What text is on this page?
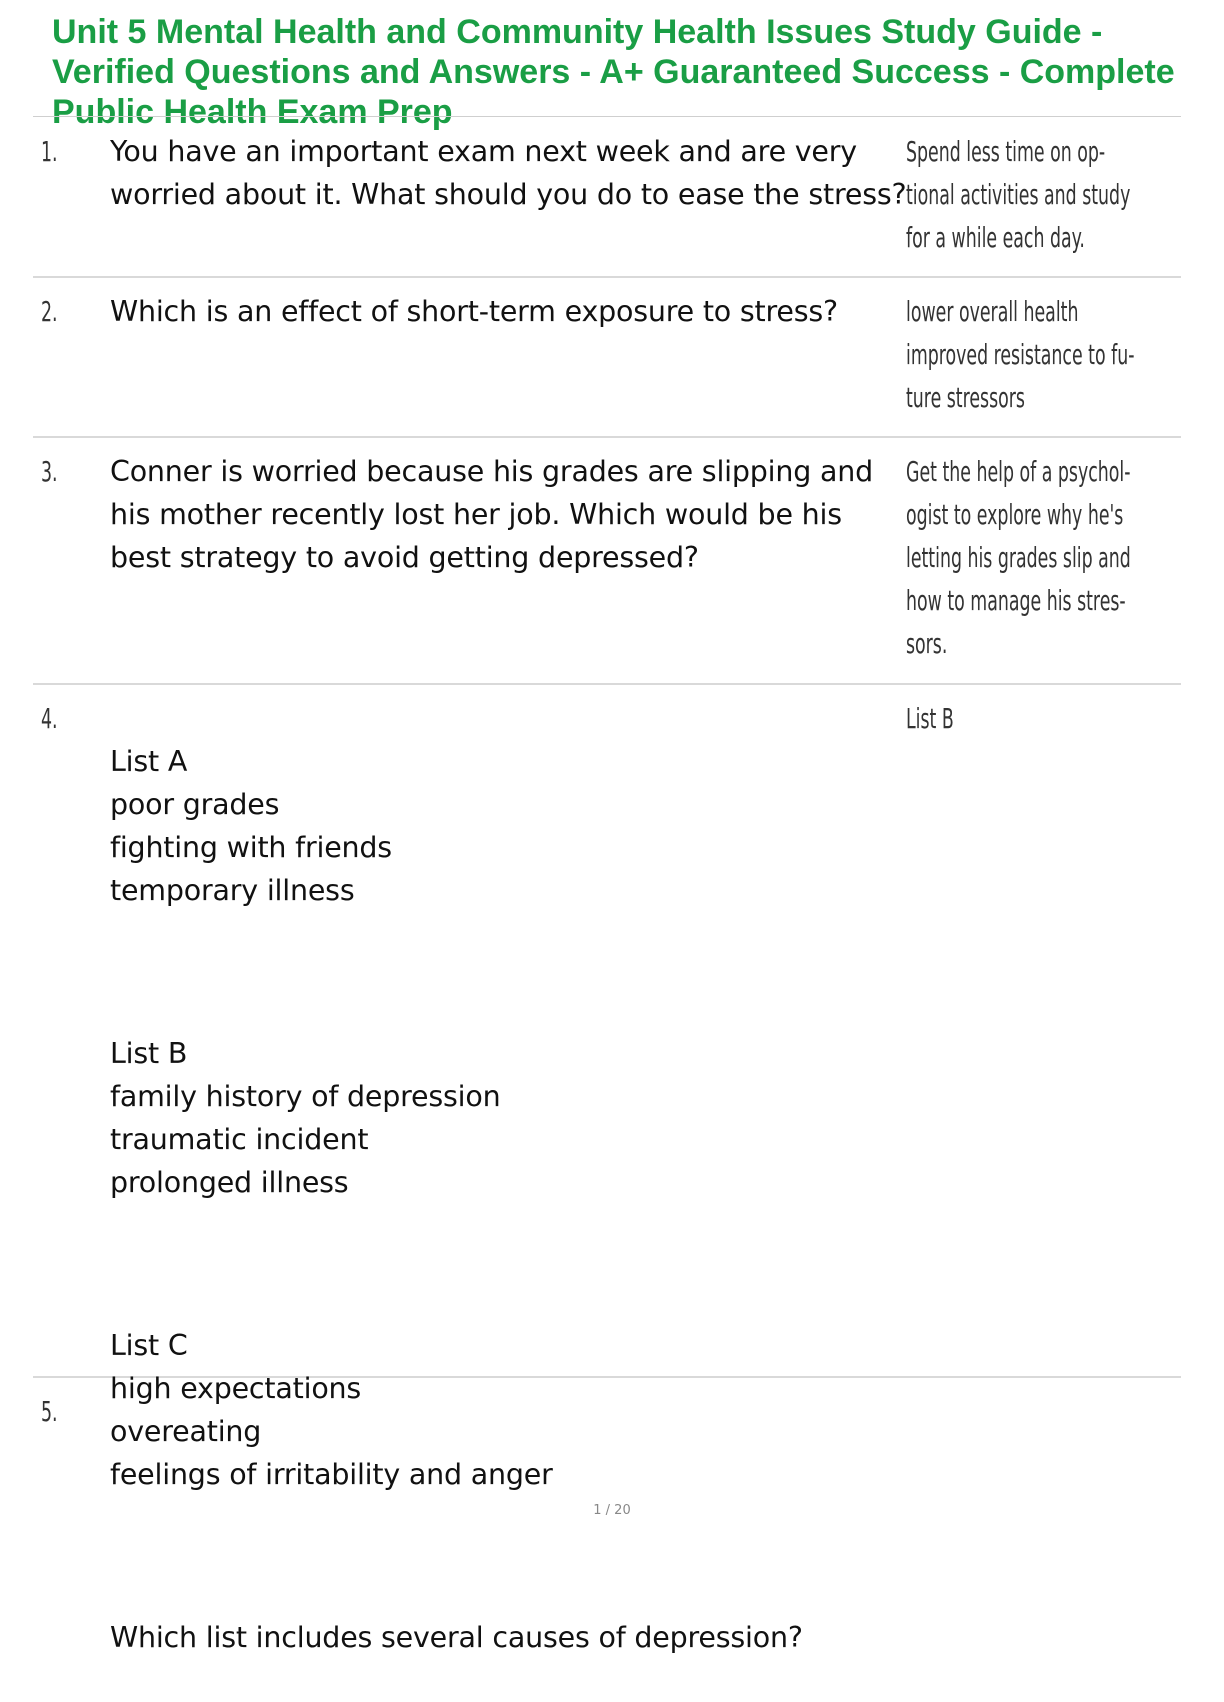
Unit 5 Mental Health and Community Health Issues Study Guide - Verified Questions and Answers - A+ Guaranteed Success - Complete Public Health Exam Prep
1. You have an important exam next week and are very worried about it. What should you do to ease the stress?
Spend less time on op-
tional activities and study
for a while each day.
2. Which is an effect of short-term exposure to stress?	lower overall health
improved resistance to fu-
ture stressors
3. Conner is worried because his grades are slipping and his mother recently lost her job. Which would be his best strategy to avoid getting depressed?
Get the help of a psychol-
ogist to explore why he's
letting his grades slip and
how to manage his stres-
sors.
4.

List A
poor grades
fighting with friends
temporary illness

List B
family history of depression
traumatic incident
prolonged illness

List C
high expectations
overeating
feelings of irritability and anger

Which list includes several causes of depression?

List B
5.
1 / 20
